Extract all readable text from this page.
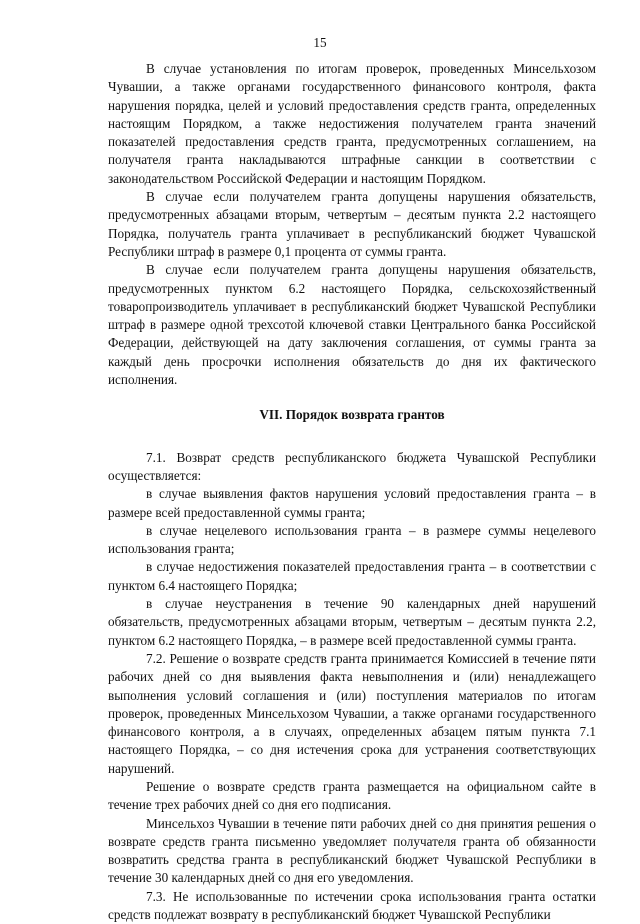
15

В случае установления по итогам проверок, проведенных Минсельхозом Чувашии, а также органами государственного финансового контроля, факта нарушения порядка, целей и условий предоставления средств гранта, определенных настоящим Порядком, а также недостижения получателем гранта значений показателей предоставления средств гранта, предусмотренных соглашением, на получателя гранта накладываются штрафные санкции в соответствии с законодательством Российской Федерации и настоящим Порядком.

В случае если получателем гранта допущены нарушения обязательств, предусмотренных абзацами вторым, четвертым – десятым пункта 2.2 настоящего Порядка, получатель гранта уплачивает в республиканский бюджет Чувашской Республики штраф в размере 0,1 процента от суммы гранта.

В случае если получателем гранта допущены нарушения обязательств, предусмотренных пунктом 6.2 настоящего Порядка, сельскохозяйственный товаропроизводитель уплачивает в республиканский бюджет Чувашской Республики штраф в размере одной трехсотой ключевой ставки Центрального банка Российской Федерации, действующей на дату заключения соглашения, от суммы гранта за каждый день просрочки исполнения обязательств до дня их фактического исполнения.

VII. Порядок возврата грантов

7.1. Возврат средств республиканского бюджета Чувашской Республики осуществляется:

в случае выявления фактов нарушения условий предоставления гранта – в размере всей предоставленной суммы гранта;

в случае нецелевого использования гранта – в размере суммы нецелевого использования гранта;

в случае недостижения показателей предоставления гранта – в соответствии с пунктом 6.4 настоящего Порядка;

в случае неустранения в течение 90 календарных дней нарушений обязательств, предусмотренных абзацами вторым, четвертым – десятым пункта 2.2, пунктом 6.2 настоящего Порядка, – в размере всей предоставленной суммы гранта.

7.2. Решение о возврате средств гранта принимается Комиссией в течение пяти рабочих дней со дня выявления факта невыполнения и (или) ненадлежащего выполнения условий соглашения и (или) поступления материалов по итогам проверок, проведенных Минсельхозом Чувашии, а также органами государственного финансового контроля, а в случаях, определенных абзацем пятым пункта 7.1 настоящего Порядка, – со дня истечения срока для устранения соответствующих нарушений.

Решение о возврате средств гранта размещается на официальном сайте в течение трех рабочих дней со дня его подписания.

Минсельхоз Чувашии в течение пяти рабочих дней со дня принятия решения о возврате средств гранта письменно уведомляет получателя гранта об обязанности возвратить средства гранта в республиканский бюджет Чувашской Республики в течение 30 календарных дней со дня его уведомления.

7.3. Не использованные по истечении срока использования гранта остатки средств подлежат возврату в республиканский бюджет Чувашской Республики
